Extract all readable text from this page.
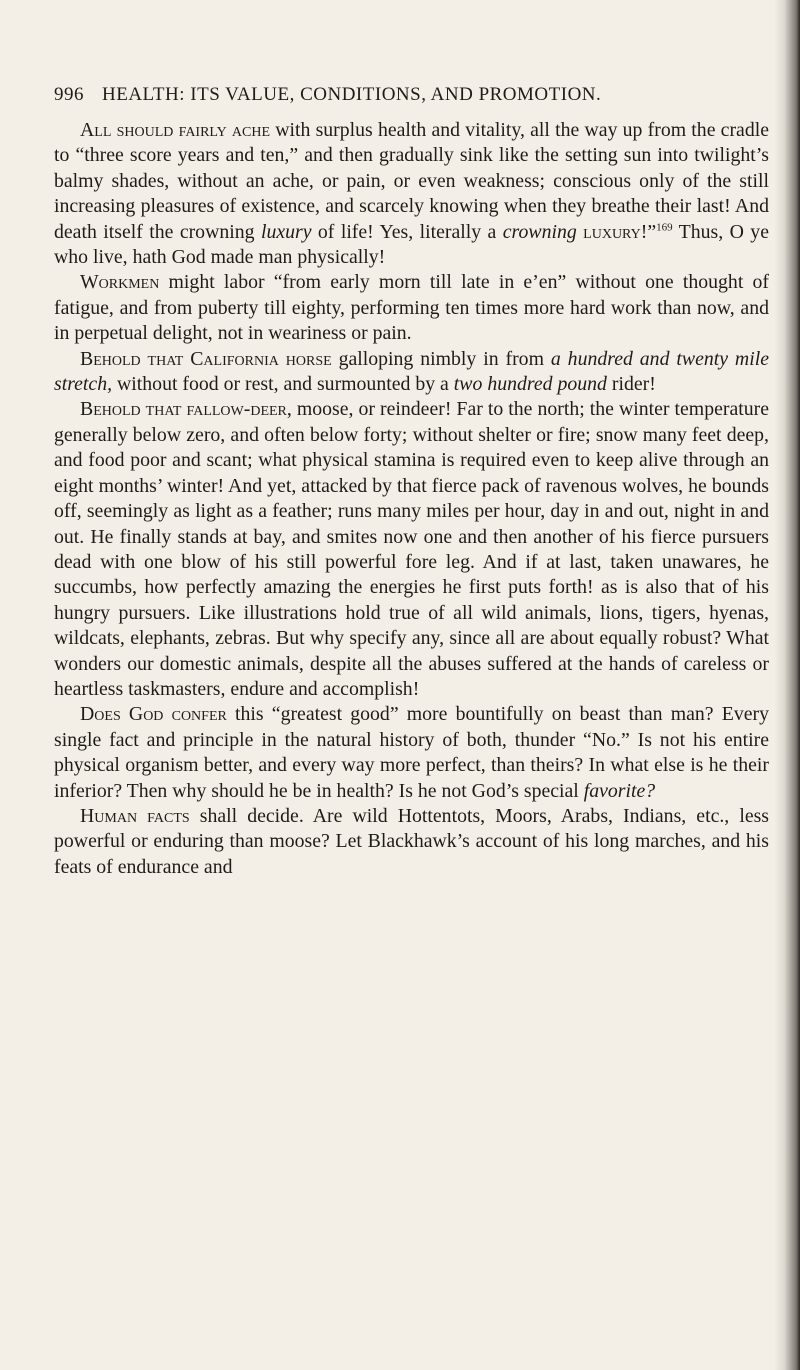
996 HEALTH: ITS VALUE, CONDITIONS, AND PROMOTION.

All should fairly ache with surplus health and vitality, all the way up from the cradle to “three score years and ten,” and then gradually sink like the setting sun into twilight’s balmy shades, without an ache, or pain, or even weakness; conscious only of the still increasing pleasures of existence, and scarcely knowing when they breathe their last! And death itself the crowning luxury of life! Yes, literally a crowning luxury!”$^{169}$ Thus, O ye who live, hath God made man physically!

Workmen might labor “from early morn till late in e’en” without one thought of fatigue, and from puberty till eighty, performing ten times more hard work than now, and in perpetual delight, not in weariness or pain.

Behold that California horse galloping nimbly in from a hundred and twenty mile stretch, without food or rest, and surmounted by a two hundred pound rider!

Behold that fallow-deer, moose, or reindeer! Far to the north; the winter temperature generally below zero, and often below forty; without shelter or fire; snow many feet deep, and food poor and scant; what physical stamina is required even to keep alive through an eight months’ winter! And yet, attacked by that fierce pack of ravenous wolves, he bounds off, seemingly as light as a feather; runs many miles per hour, day in and out, night in and out. He finally stands at bay, and smites now one and then another of his fierce pursuers dead with one blow of his still powerful fore leg. And if at last, taken unawares, he succumbs, how perfectly amazing the energies he first puts forth! as is also that of his hungry pursuers. Like illustrations hold true of all wild animals, lions, tigers, hyenas, wildcats, elephants, zebras. But why specify any, since all are about equally robust? What wonders our domestic animals, despite all the abuses suffered at the hands of careless or heartless taskmasters, endure and accomplish!

Does God confer this “greatest good” more bountifully on beast than man? Every single fact and principle in the natural history of both, thunder “No.” Is not his entire physical organism better, and every way more perfect, than theirs? In what else is he their inferior? Then why should he be in health? Is he not God’s special favorite?

Human facts shall decide. Are wild Hottentots, Moors, Arabs, Indians, etc., less powerful or enduring than moose? Let Blackhawk’s account of his long marches, and his feats of endurance and
